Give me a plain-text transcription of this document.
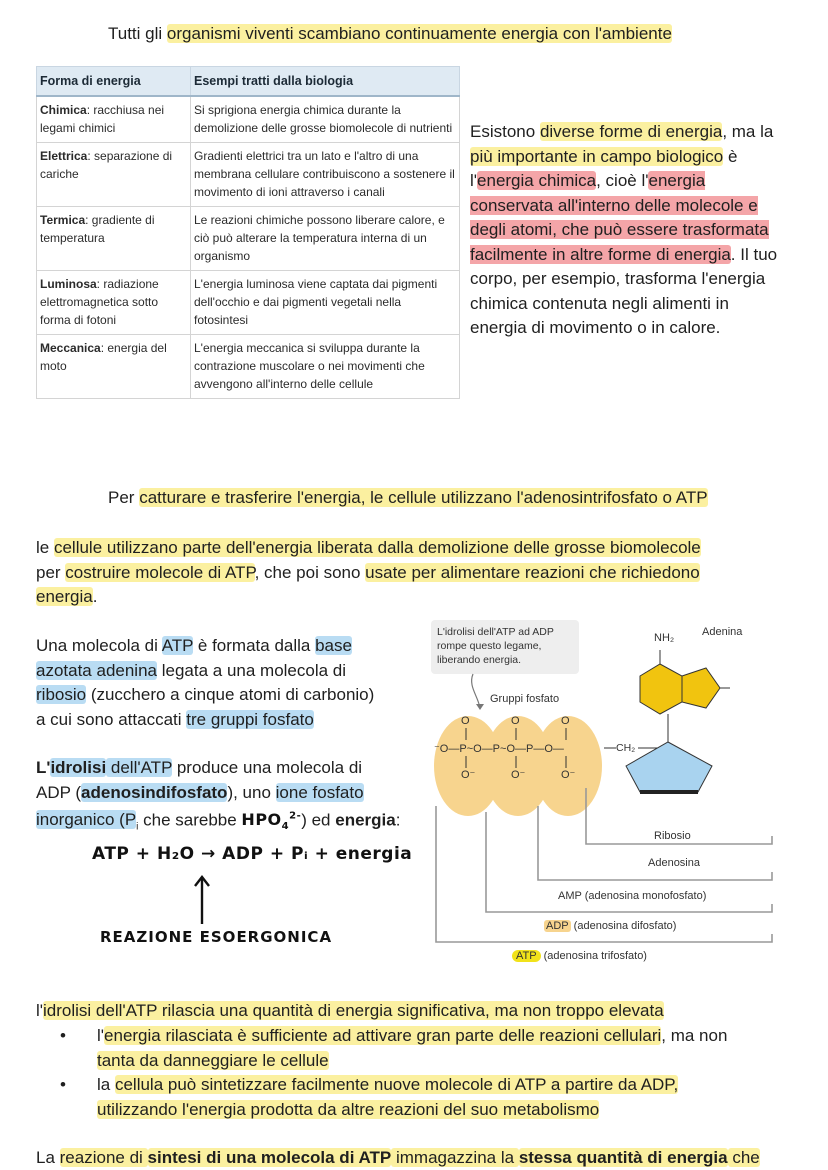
Tutti gli organismi viventi scambiano continuamente energia con l'ambiente
Forma di energia	Esempi tratti dalla biologia
Chimica: racchiusa nei legami chimici	Si sprigiona energia chimica durante la demolizione delle grosse biomolecole di nutrienti
Elettrica: separazione di cariche	Gradienti elettrici tra un lato e l'altro di una membrana cellulare contribuiscono a sostenere il movimento di ioni attraverso i canali
Termica: gradiente di temperatura	Le reazioni chimiche possono liberare calore, e ciò può alterare la temperatura interna di un organismo
Luminosa: radiazione elettromagnetica sotto forma di fotoni	L'energia luminosa viene captata dai pigmenti dell'occhio e dai pigmenti vegetali nella fotosintesi
Meccanica: energia del moto	L'energia meccanica si sviluppa durante la contrazione muscolare o nei movimenti che avvengono all'interno delle cellule
Esistono diverse forme di energia, ma la più importante in campo biologico è l'energia chimica, cioè l'energia conservata all'interno delle molecole e degli atomi, che può essere trasformata facilmente in altre forme di energia. Il tuo corpo, per esempio, trasforma l'energia chimica contenuta negli alimenti in energia di movimento o in calore.
Per catturare e trasferire l'energia, le cellule utilizzano l'adenosintrifosfato o ATP
le cellule utilizzano parte dell'energia liberata dalla demolizione delle grosse biomolecole
per costruire molecole di ATP, che poi sono usate per alimentare reazioni che richiedono
energia.
Una molecola di ATP è formata dalla base
azotata adenina legata a una molecola di
ribosio (zucchero a cinque atomi di carbonio)
a cui sono attaccati tre gruppi fosfato
L'idrolisi dell'ATP produce una molecola di
ADP (adenosindifosfato), uno ione fosfato
inorganico ($P_i$ che sarebbe $HPO_4^{2-}$) ed energia:
ATP + H₂O → ADP + Pᵢ + energia
REAZIONE ESOERGONICA
O	O	O ⁻O—P~O—P~O—P—O— O⁻	O⁻	O⁻
L'idrolisi dell'ATP ad ADP rompe questo legame, liberando energia.
Gruppi fosfato
NH₂	Adenina
CH₂
Ribosio
Adenosina
AMP (adenosina monofosfato)
ADP (adenosina difosfato)
ATP (adenosina trifosfato)
l'idrolisi dell'ATP rilascia una quantità di energia significativa, ma non troppo elevata
• l'energia rilasciata è sufficiente ad attivare gran parte delle reazioni cellulari, ma non
tanta da danneggiare le cellule
• la cellula può sintetizzare facilmente nuove molecole di ATP a partire da ADP,
utilizzando l'energia prodotta da altre reazioni del suo metabolismo
La reazione di sintesi di una molecola di ATP immagazzina la stessa quantità di energia che
